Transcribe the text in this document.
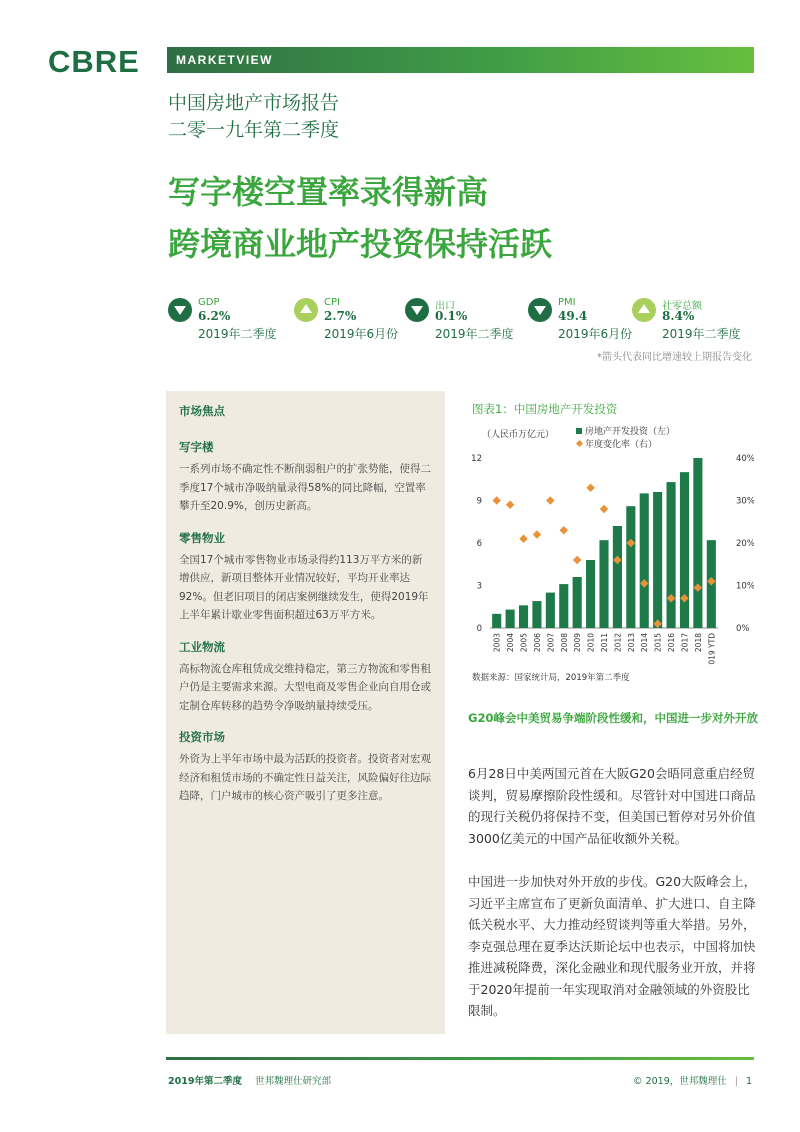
CBRE	MARKETVIEW
中国房地产市场报告
二零一九年第二季度
写字楼空置率录得新高
跨境商业地产投资保持活跃
GDP
6.2%
2019年二季度
CPI
2.7%
2019年6月份
出口
0.1%
2019年二季度
PMI
49.4
2019年6月份
社零总额
8.4%
2019年二季度
*箭头代表同比增速较上期报告变化
市场焦点
写字楼

一系列市场不确定性不断削弱租户的扩张势能，使得二季度17个城市净吸纳量录得58%的同比降幅，空置率攀升至20.9%，创历史新高。

零售物业

全国17个城市零售物业市场录得约113万平方米的新增供应，新项目整体开业情况较好，平均开业率达92%。但老旧项目的闭店案例继续发生，使得2019年上半年累计歇业零售面积超过63万平方米。

工业物流

高标物流仓库租赁成交维持稳定，第三方物流和零售租户仍是主要需求来源。大型电商及零售企业向自用仓或定制仓库转移的趋势令净吸纳量持续受压。

投资市场

外资为上半年市场中最为活跃的投资者。投资者对宏观经济和租赁市场的不确定性日益关注，风险偏好往边际趋降，门户城市的核心资产吸引了更多注意。

图表1：中国房地产开发投资
（人民币万亿元）	房地产开发投资（左）
年度变化率（右）
0
3
6
9
12
0%
10%
20%
30%
40%
2003 2004 2005 2006 2007 2008 2009 2010 2011 2012 2013 2014 2015 2016 2017 2018 2019 YTD
数据来源：国家统计局，2019年第二季度
G20峰会中美贸易争端阶段性缓和，中国进一步对外开放

6月28日中美两国元首在大阪G20会晤同意重启经贸谈判，贸易摩擦阶段性缓和。尽管针对中国进口商品的现行关税仍将保持不变，但美国已暂停对另外价值3000亿美元的中国产品征收额外关税。

中国进一步加快对外开放的步伐。G20大阪峰会上，习近平主席宣布了更新负面清单、扩大进口、自主降低关税水平、大力推动经贸谈判等重大举措。另外，李克强总理在夏季达沃斯论坛中也表示，中国将加快推进减税降费，深化金融业和现代服务业开放，并将于2020年提前一年实现取消对金融领域的外资股比限制。

2019年第二季度 世邦魏理仕研究部	© 2019，世邦魏理仕 | 1
